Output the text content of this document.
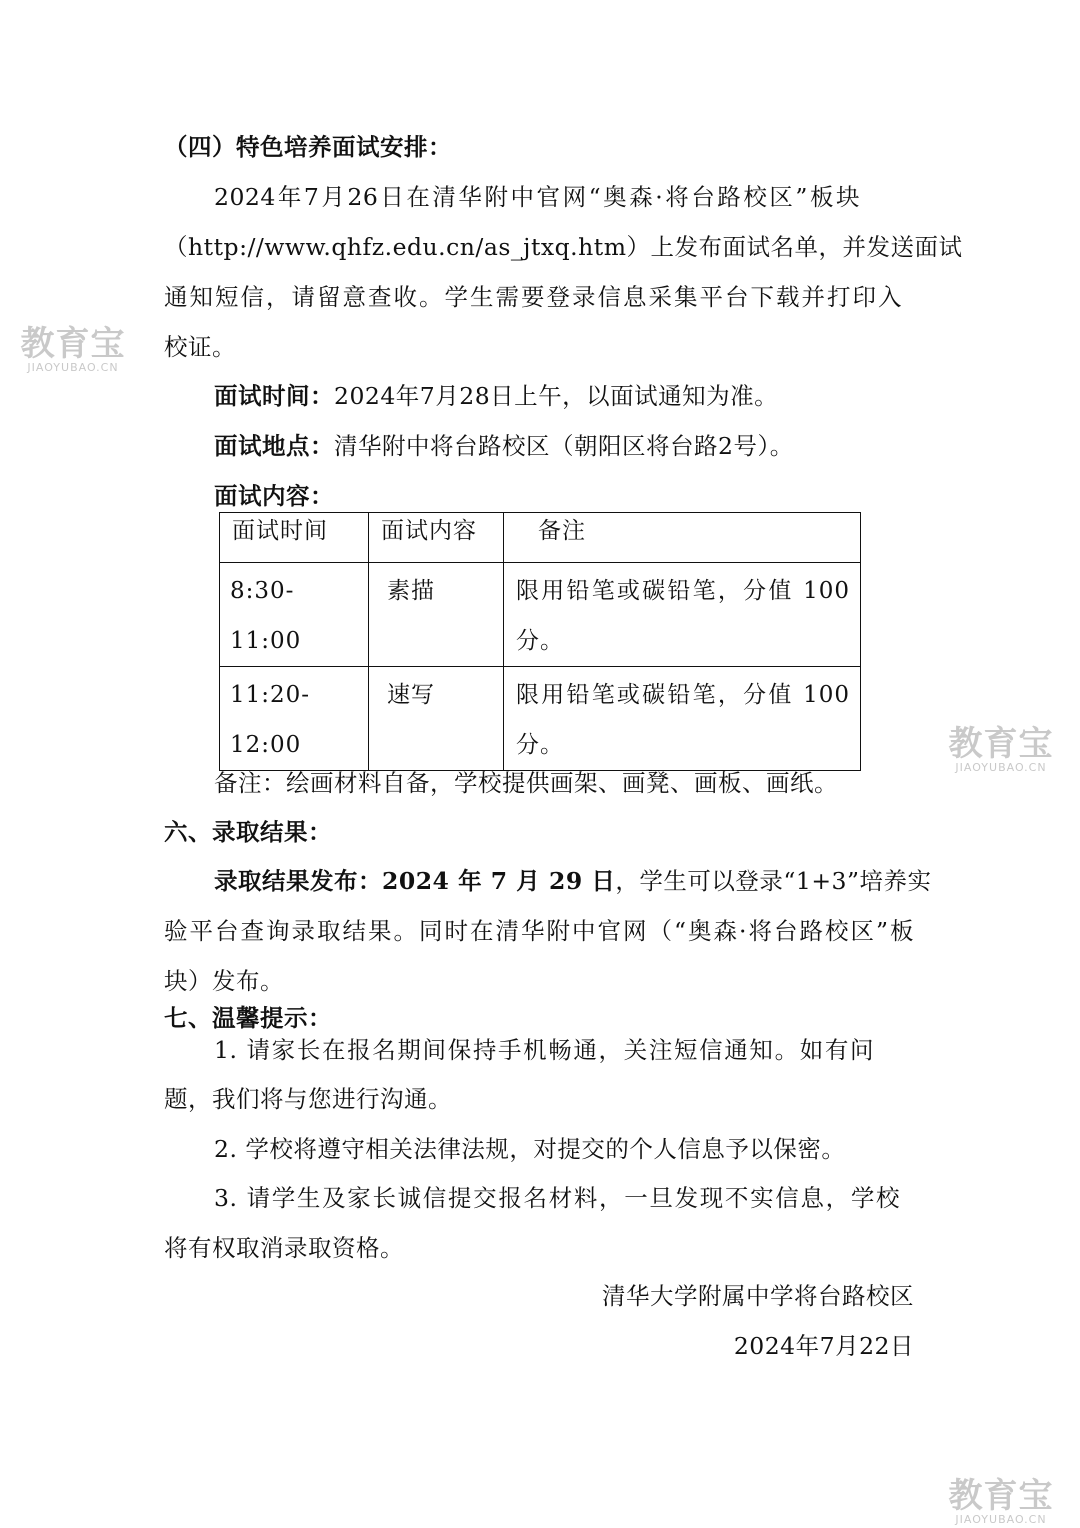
（四）特色培养面试安排：
2024年7月26日在清华附中官网“奥森·将台路校区”板块
（http://www.qhfz.edu.cn/as_jtxq.htm）上发布面试名单，并发送面试
通知短信，请留意查收。学生需要登录信息采集平台下载并打印入
校证。
面试时间：2024年7月28日上午，以面试通知为准。
面试地点：清华附中将台路校区（朝阳区将台路2号）。
面试内容：
面试时间	面试内容	备注
8:30-11:00	素描	限用铅笔或碳铅笔，分值 100
分。
11:20-12:00	速写	限用铅笔或碳铅笔，分值 100
分。
备注：绘画材料自备，学校提供画架、画凳、画板、画纸。
六、录取结果：
录取结果发布：2024 年 7 月 29 日，学生可以登录“1+3”培养实
验平台查询录取结果。同时在清华附中官网（“奥森·将台路校区”板
块）发布。
七、温馨提示：
1. 请家长在报名期间保持手机畅通，关注短信通知。如有问
题，我们将与您进行沟通。
2. 学校将遵守相关法律法规，对提交的个人信息予以保密。
3. 请学生及家长诚信提交报名材料，一旦发现不实信息，学校
将有权取消录取资格。
清华大学附属中学将台路校区
2024年7月22日
教育宝
JIAOYUBAO.CN
教育宝
JIAOYUBAO.CN
教育宝
JIAOYUBAO.CN
